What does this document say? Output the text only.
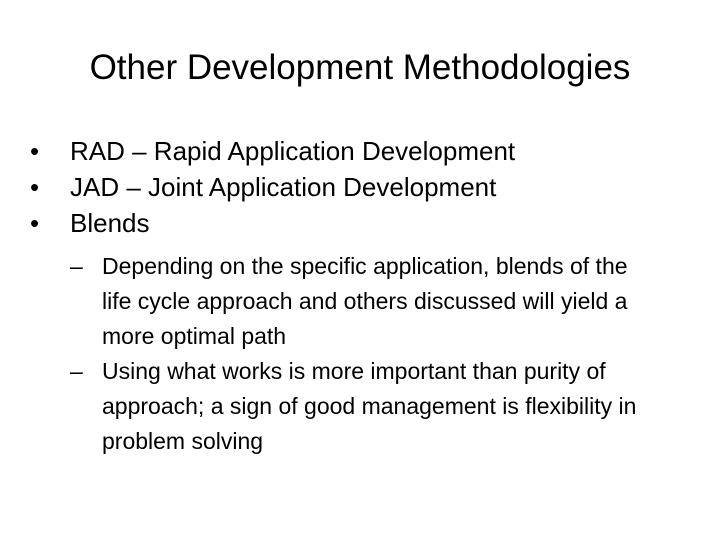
Other Development Methodologies
•	RAD – Rapid Application Development
•	JAD – Joint Application Development
•	Blends
– Depending on the specific application, blends of the life cycle approach and others discussed will yield a more optimal path
– Using what works is more important than purity of approach; a sign of good management is flexibility in problem solving
